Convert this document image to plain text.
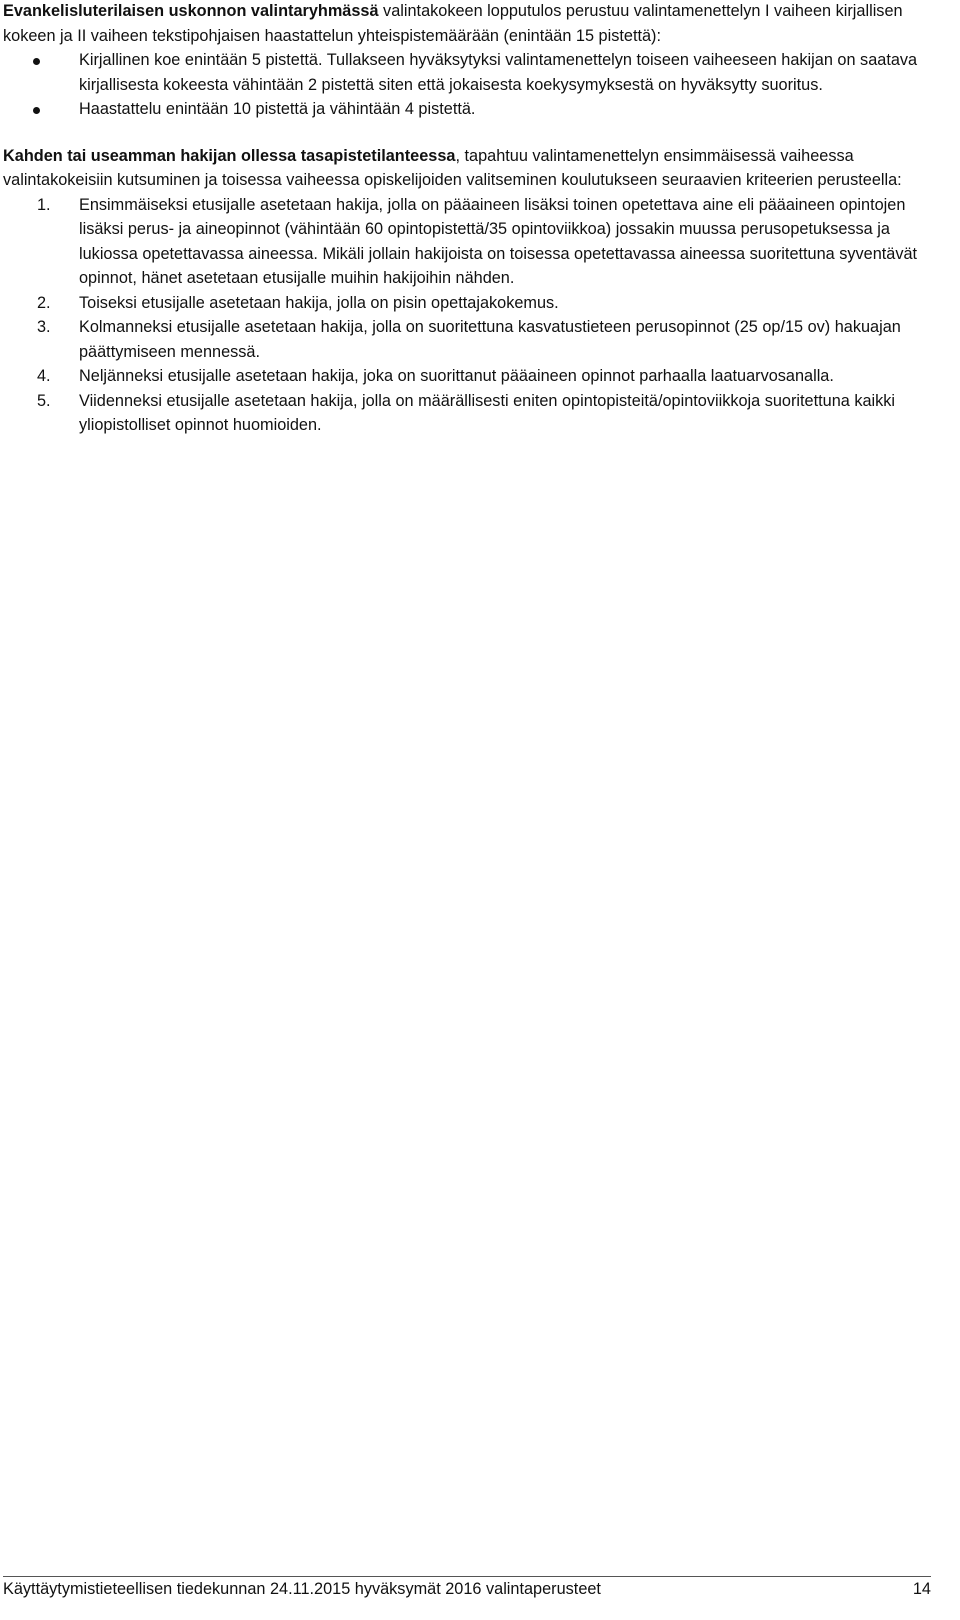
Evankelisluterilaisen uskonnon valintaryhmässä valintakokeen lopputulos perustuu valintamenettelyn I vaiheen kirjallisen kokeen ja II vaiheen tekstipohjaisen haastattelun yhteispistemäärään (enintään 15 pistettä):

Kirjallinen koe enintään 5 pistettä. Tullakseen hyväksytyksi valintamenettelyn toiseen vaiheeseen hakijan on saatava kirjallisesta kokeesta vähintään 2 pistettä siten että jokaisesta koekysymyksestä on hyväksytty suoritus.
Haastattelu enintään 10 pistettä ja vähintään 4 pistettä.

Kahden tai useamman hakijan ollessa tasapistetilanteessa, tapahtuu valintamenettelyn ensimmäisessä vaiheessa valintakokeisiin kutsuminen ja toisessa vaiheessa opiskelijoiden valitseminen koulutukseen seuraavien kriteerien perusteella:

1. Ensimmäiseksi etusijalle asetetaan hakija, jolla on pääaineen lisäksi toinen opetettava aine eli pääaineen opintojen lisäksi perus- ja aineopinnot (vähintään 60 opintopistettä/35 opintoviikkoa) jossakin muussa perusopetuksessa ja lukiossa opetettavassa aineessa. Mikäli jollain hakijoista on toisessa opetettavassa aineessa suoritettuna syventävät opinnot, hänet asetetaan etusijalle muihin hakijoihin nähden.
2. Toiseksi etusijalle asetetaan hakija, jolla on pisin opettajakokemus.
3. Kolmanneksi etusijalle asetetaan hakija, jolla on suoritettuna kasvatustieteen perusopinnot (25 op/15 ov) hakuajan päättymiseen mennessä.
4. Neljänneksi etusijalle asetetaan hakija, joka on suorittanut pääaineen opinnot parhaalla laatuarvosanalla.
5. Viidenneksi etusijalle asetetaan hakija, jolla on määrällisesti eniten opintopisteitä/opintoviikkoja suoritettuna kaikki yliopistolliset opinnot huomioiden.
Käyttäytymistieteellisen tiedekunnan 24.11.2015 hyväksymät 2016 valintaperusteet	14
